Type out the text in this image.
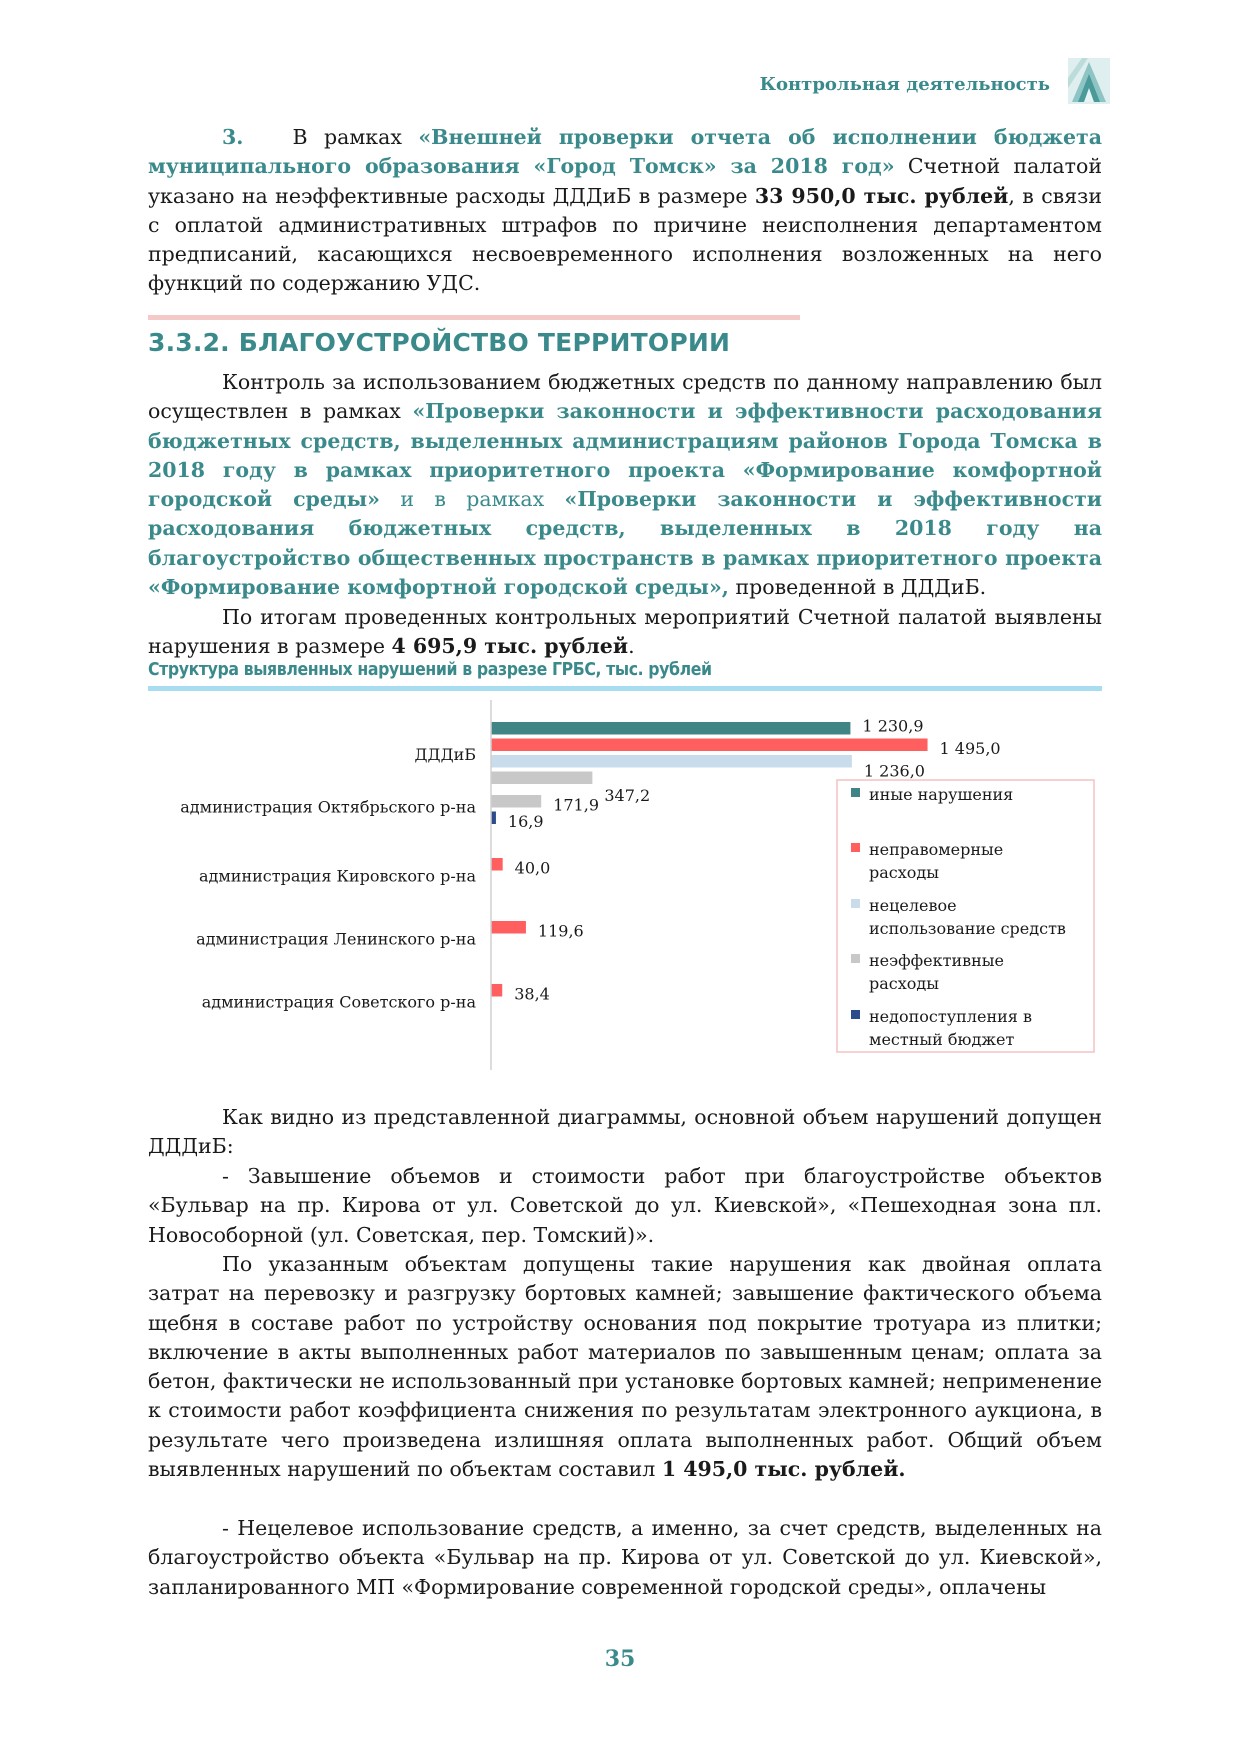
Контрольная деятельность

3. В рамках «Внешней проверки отчета об исполнении бюджета муниципального образования «Город Томск» за 2018 год» Счетной палатой указано на неэффективные расходы ДДДиБ в размере 33 950,0 тыс. рублей, в связи с оплатой административных штрафов по причине неисполнения департаментом предписаний, касающихся несвоевременного исполнения возложенных на него функций по содержанию УДС.

3.3.2. БЛАГОУСТРОЙСТВО ТЕРРИТОРИИ

Контроль за использованием бюджетных средств по данному направлению был осуществлен в рамках «Проверки законности и эффективности расходования бюджетных средств, выделенных администрациям районов Города Томска в 2018 году в рамках приоритетного проекта «Формирование комфортной городской среды» и в рамках «Проверки законности и эффективности расходования бюджетных средств, выделенных в 2018 году на благоустройство общественных пространств в рамках приоритетного проекта «Формирование комфортной городской среды», проведенной в ДДДиБ.

По итогам проведенных контрольных мероприятий Счетной палатой выявлены нарушения в размере 4 695,9 тыс. рублей.

Структура выявленных нарушений в разрезе ГРБС, тыс. рублей
ДДДиБ
администрация Октябрьского р-на
администрация Кировского р-на
администрация Ленинского р-на
администрация Советского р-на
1 230,9
1 495,0
1 236,0
347,2
171,9
16,9
40,0
119,6
38,4
иные нарушения
неправомерные расходы
нецелевое использование средств
неэффективные расходы
недопоступления в местный бюджет

Как видно из представленной диаграммы, основной объем нарушений допущен ДДДиБ:

- Завышение объемов и стоимости работ при благоустройстве объектов «Бульвар на пр. Кирова от ул. Советской до ул. Киевской», «Пешеходная зона пл. Новособорной (ул. Советская, пер. Томский)».

По указанным объектам допущены такие нарушения как двойная оплата затрат на перевозку и разгрузку бортовых камней; завышение фактического объема щебня в составе работ по устройству основания под покрытие тротуара из плитки; включение в акты выполненных работ материалов по завышенным ценам; оплата за бетон, фактически не использованный при установке бортовых камней; неприменение к стоимости работ коэффициента снижения по результатам электронного аукциона, в результате чего произведена излишняя оплата выполненных работ. Общий объем выявленных нарушений по объектам составил 1 495,0 тыс. рублей.

- Нецелевое использование средств, а именно, за счет средств, выделенных на благоустройство объекта «Бульвар на пр. Кирова от ул. Советской до ул. Киевской», запланированного МП «Формирование современной городской среды», оплачены

35
